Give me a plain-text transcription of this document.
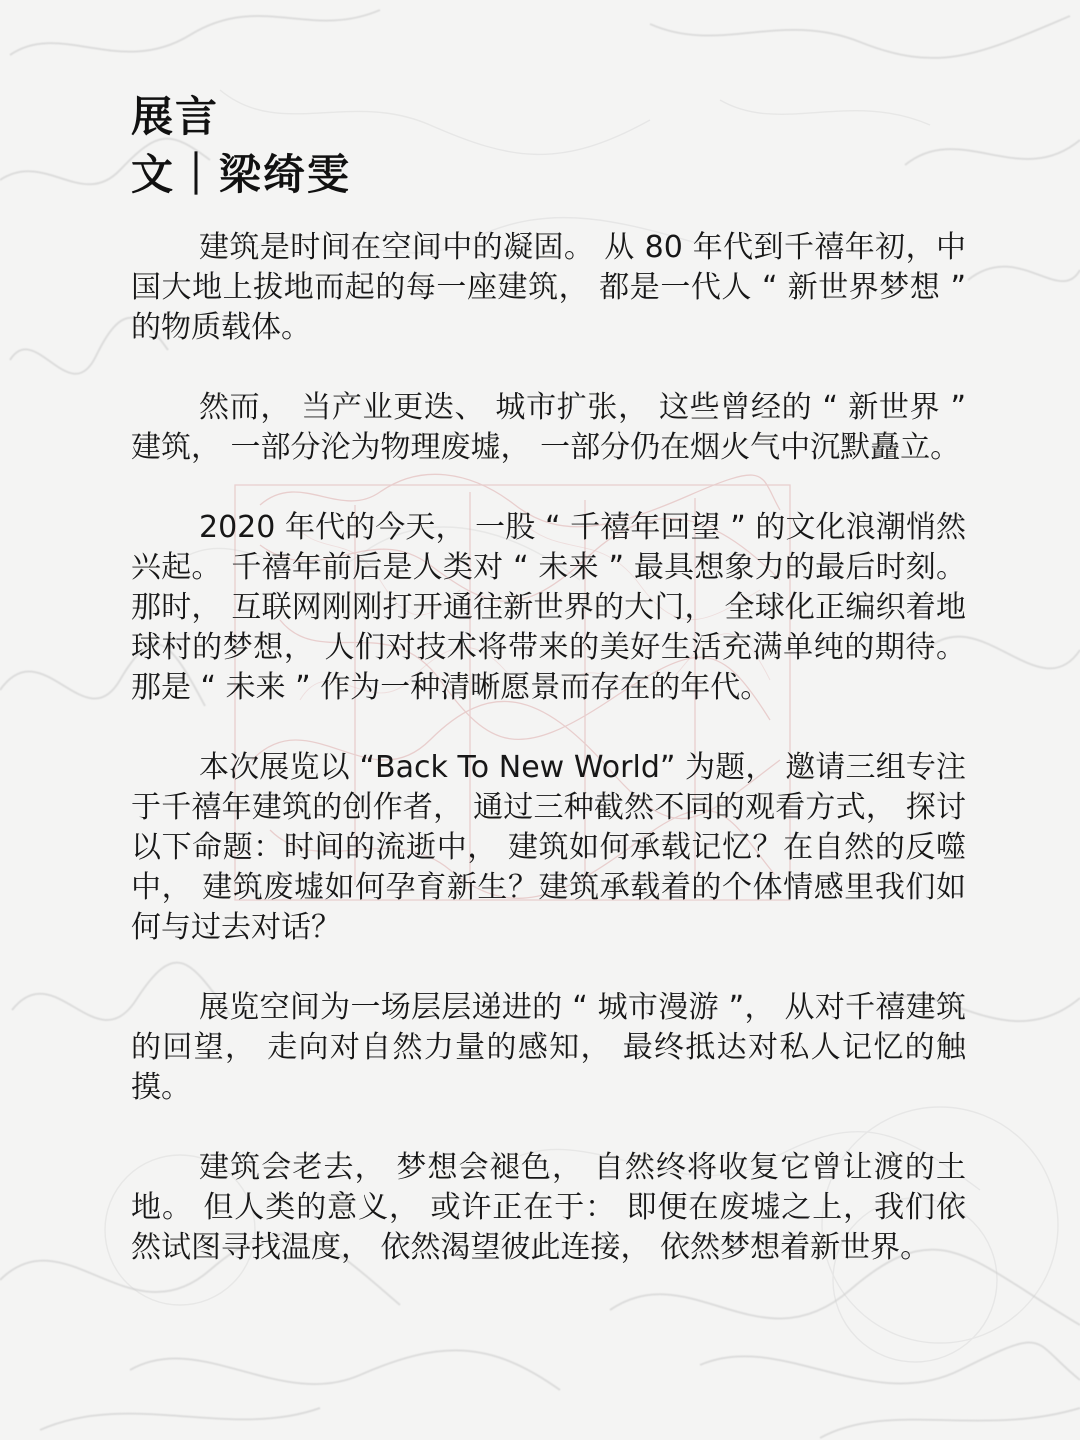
展言
文｜梁绮雯

建筑是时间在空间中的凝固。 从 80 年代到千禧年初，中国大地上拔地而起的每一座建筑， 都是一代人 “ 新世界梦想 ” 的物质载体。

然而， 当产业更迭、 城市扩张， 这些曾经的 “ 新世界 ” 建筑， 一部分沦为物理废墟， 一部分仍在烟火气中沉默矗立。

2020 年代的今天， 一股 “ 千禧年回望 ” 的文化浪潮悄然兴起。 千禧年前后是人类对 “ 未来 ” 最具想象力的最后时刻。 那时， 互联网刚刚打开通往新世界的大门， 全球化正编织着地球村的梦想， 人们对技术将带来的美好生活充满单纯的期待。 那是 “ 未来 ” 作为一种清晰愿景而存在的年代。

本次展览以 “Back To New World” 为题， 邀请三组专注于千禧年建筑的创作者， 通过三种截然不同的观看方式， 探讨以下命题：时间的流逝中， 建筑如何承载记忆？在自然的反噬中， 建筑废墟如何孕育新生？建筑承载着的个体情感里我们如何与过去对话？

展览空间为一场层层递进的 “ 城市漫游 ”， 从对千禧建筑的回望， 走向对自然力量的感知， 最终抵达对私人记忆的触摸。

建筑会老去， 梦想会褪色， 自然终将收复它曾让渡的土地。 但人类的意义， 或许正在于： 即便在废墟之上，我们依然试图寻找温度， 依然渴望彼此连接， 依然梦想着新世界。
